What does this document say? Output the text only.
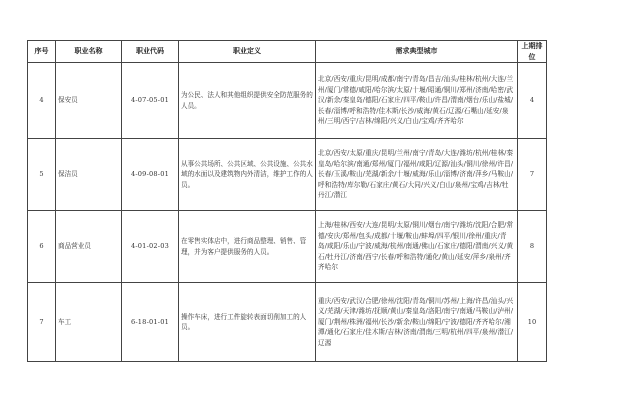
序号	职业名称	职业代码	职业定义	需求典型城市	上期排位
4	保安员	4-07-05-01	为公民、法人和其他组织提供安全防范服务的人员。	北京/西安/重庆/昆明/成都/南宁/青岛/昌吉/汕头/桂林/杭州/大连/兰州/厦门/常德/咸阳/哈尔滨/太原/十堰/昭通/铜川/郑州/济南/哈密/武汉/新余/秦皇岛/德阳/石家庄/四平/鞍山/许昌/渭南/烟台/乐山/盐城/长春/淄博/呼和浩特/佳木斯/长沙/威海/黄石/辽源/石嘴山/延安/泉州/三明/西宁/吉林/绵阳/兴义/白山/宝鸡/齐齐哈尔	4
5	保洁员	4-09-08-01	从事公共场所、公共区域、公共设施、公共水域的水面以及建筑物内外清洁，维护工作的人员。	北京/西安/太原/重庆/昆明/兰州/南宁/青岛/大连/潍坊/杭州/桂林/秦皇岛/哈尔滨/南通/郑州/厦门/福州/咸阳/辽源/汕头/铜川/徐州/许昌/长春/玉溪/鞍山/芜湖/新余/十堰/威海/乐山/淄博/济南/萍乡/马鞍山/呼和浩特/库尔勒/石家庄/黄石/大同/兴义/白山/泉州/宝鸡/吉林/牡丹江/潜江	7
6	商品营业员	4-01-02-03	在零售实体店中，进行商品整理、销售、管理，并为客户提供服务的人员。	上海/桂林/西安/大连/昆明/太原/铜川/烟台/南宁/潍坊/沈阳/合肥/常德/安庆/郑州/包头/成都/十堰/鞍山/蚌埠/四平/银川/徐州/重庆/青岛/咸阳/乐山/宁波/威海/杭州/南通/佛山/石家庄/德阳/渭南/兴义/黄石/牡丹江/济南/西宁/长春/呼和浩特/通化/黄山/延安/萍乡/泉州/齐齐哈尔	8
7	车工	6-18-01-01	操作车床，进行工件旋转表面切削加工的人员。	重庆/西安/武汉/合肥/徐州/沈阳/青岛/铜川/苏州/上海/许昌/汕头/兴义/芜湖/天津/潍坊/抚顺/黄山/秦皇岛/洛阳/南宁/南通/马鞍山/泸州/厦门/荆州/株洲/福州/长沙/新余/鞍山/绵阳/宁波/德阳/齐齐哈尔/湘潭/通化/石家庄/佳木斯/吉林/济南/渭南/三明/杭州/四平/泉州/潜江/辽源	10
